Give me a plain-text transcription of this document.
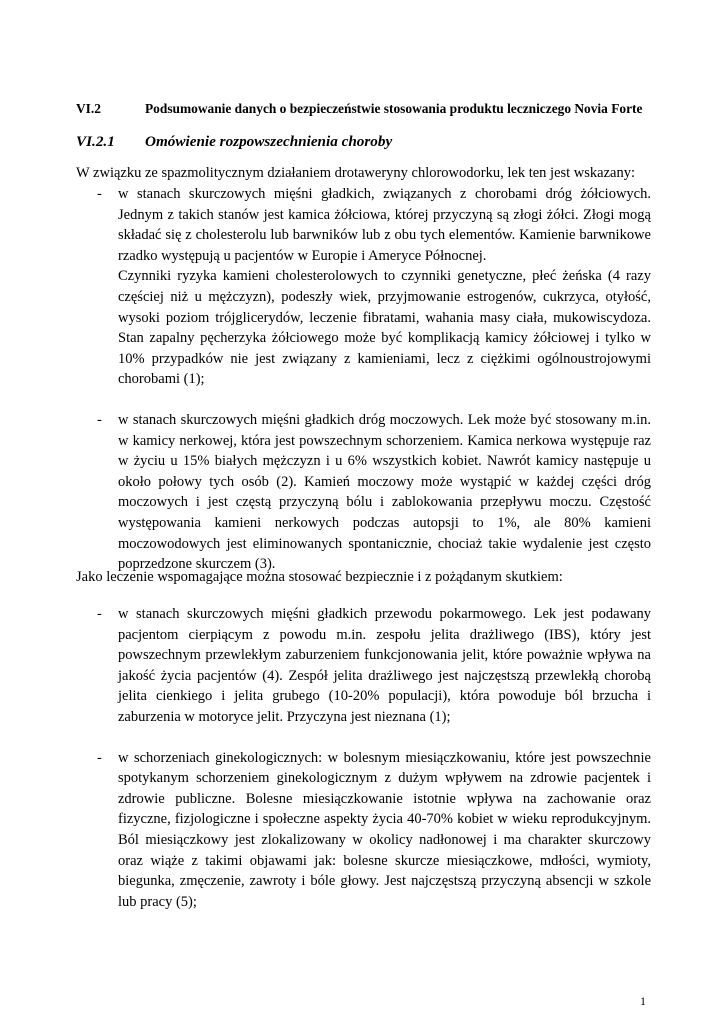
VI.2	Podsumowanie danych o bezpieczeństwie stosowania produktu leczniczego Novia Forte
VI.2.1	Omówienie rozpowszechnienia choroby
W związku ze spazmolitycznym działaniem drotaweryny chlorowodorku, lek ten jest wskazany:
- w stanach skurczowych mięśni gładkich, związanych z chorobami dróg żółciowych. Jednym z takich stanów jest kamica żółciowa, której przyczyną są złogi żółci. Złogi mogą składać się z cholesterolu lub barwników lub z obu tych elementów. Kamienie barwnikowe rzadko występują u pacjentów w Europie i Ameryce Północnej.

Czynniki ryzyka kamieni cholesterolowych to czynniki genetyczne, płeć żeńska (4 razy częściej niż u mężczyzn), podeszły wiek, przyjmowanie estrogenów, cukrzyca, otyłość, wysoki poziom trójglicerydów, leczenie fibratami, wahania masy ciała, mukowiscydoza. Stan zapalny pęcherzyka żółciowego może być komplikacją kamicy żółciowej i tylko w 10% przypadków nie jest związany z kamieniami, lecz z ciężkimi ogólnoustrojowymi chorobami (1);

- w stanach skurczowych mięśni gładkich dróg moczowych. Lek może być stosowany m.in. w kamicy nerkowej, która jest powszechnym schorzeniem. Kamica nerkowa występuje raz w życiu u 15% białych mężczyzn i u 6% wszystkich kobiet. Nawrót kamicy następuje u około połowy tych osób (2). Kamień moczowy może wystąpić w każdej części dróg moczowych i jest częstą przyczyną bólu i zablokowania przepływu moczu. Częstość występowania kamieni nerkowych podczas autopsji to 1%, ale 80% kamieni moczowodowych jest eliminowanych spontanicznie, chociaż takie wydalenie jest często poprzedzone skurczem (3).

Jako leczenie wspomagające można stosować bezpiecznie i z pożądanym skutkiem:
- w stanach skurczowych mięśni gładkich przewodu pokarmowego. Lek jest podawany pacjentom cierpiącym z powodu m.in. zespołu jelita drażliwego (IBS), który jest powszechnym przewlekłym zaburzeniem funkcjonowania jelit, które poważnie wpływa na jakość życia pacjentów (4). Zespół jelita drażliwego jest najczęstszą przewlekłą chorobą jelita cienkiego i jelita grubego (10-20% populacji), która powoduje ból brzucha i zaburzenia w motoryce jelit. Przyczyna jest nieznana (1);

- w schorzeniach ginekologicznych: w bolesnym miesiączkowaniu, które jest powszechnie spotykanym schorzeniem ginekologicznym z dużym wpływem na zdrowie pacjentek i zdrowie publiczne. Bolesne miesiączkowanie istotnie wpływa na zachowanie oraz fizyczne, fizjologiczne i społeczne aspekty życia 40-70% kobiet w wieku reprodukcyjnym. Ból miesiączkowy jest zlokalizowany w okolicy nadłonowej i ma charakter skurczowy oraz wiąże z takimi objawami jak: bolesne skurcze miesiączkowe, mdłości, wymioty, biegunka, zmęczenie, zawroty i bóle głowy. Jest najczęstszą przyczyną absencji w szkole lub pracy (5);

1
